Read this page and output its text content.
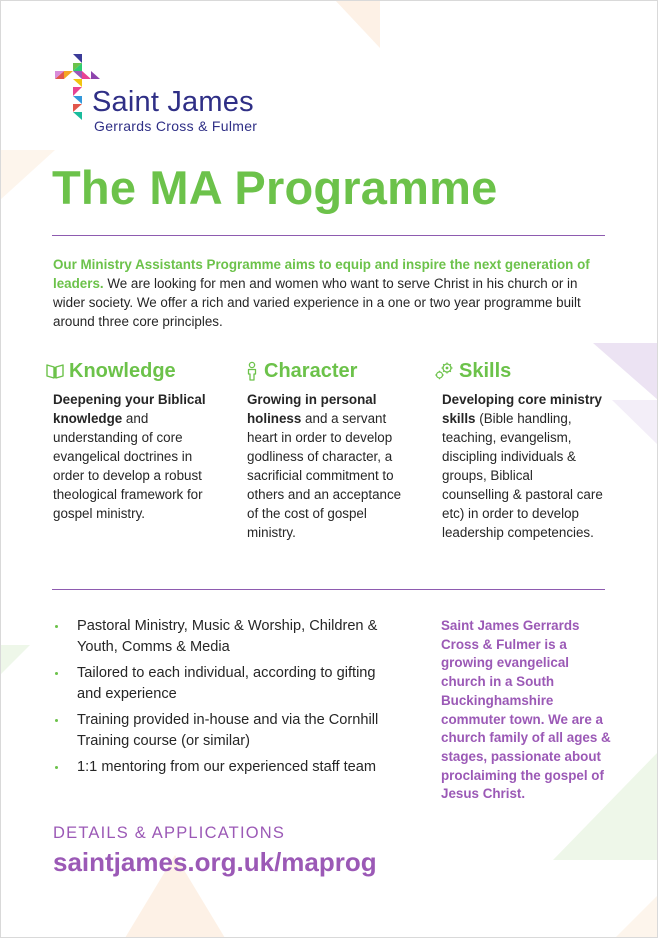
Saint James
Gerrards Cross & Fulmer
The MA Programme

Our Ministry Assistants Programme aims to equip and inspire the next generation of leaders. We are looking for men and women who want to serve Christ in his church or in wider society. We offer a rich and varied experience in a one or two year programme built around three core principles.

Knowledge
Deepening your Biblical knowledge and understanding of core evangelical doctrines in order to develop a robust theological framework for gospel ministry.
Character
Growing in personal holiness and a servant heart in order to develop godliness of character, a sacrificial commitment to others and an acceptance of the cost of gospel ministry.
Skills
Developing core ministry skills (Bible handling, teaching, evangelism, discipling individuals & groups, Biblical counselling & pastoral care etc) in order to develop leadership competencies.
Pastoral Ministry, Music & Worship, Children & Youth, Comms & Media
Tailored to each individual, according to gifting and experience
Training provided in-house and via the Cornhill Training course (or similar)
1:1 mentoring from our experienced staff team

Saint James Gerrards Cross & Fulmer is a growing evangelical church in a South Buckinghamshire commuter town. We are a church family of all ages & stages, passionate about proclaiming the gospel of Jesus Christ.

DETAILS & APPLICATIONS
saintjames.org.uk/maprog
